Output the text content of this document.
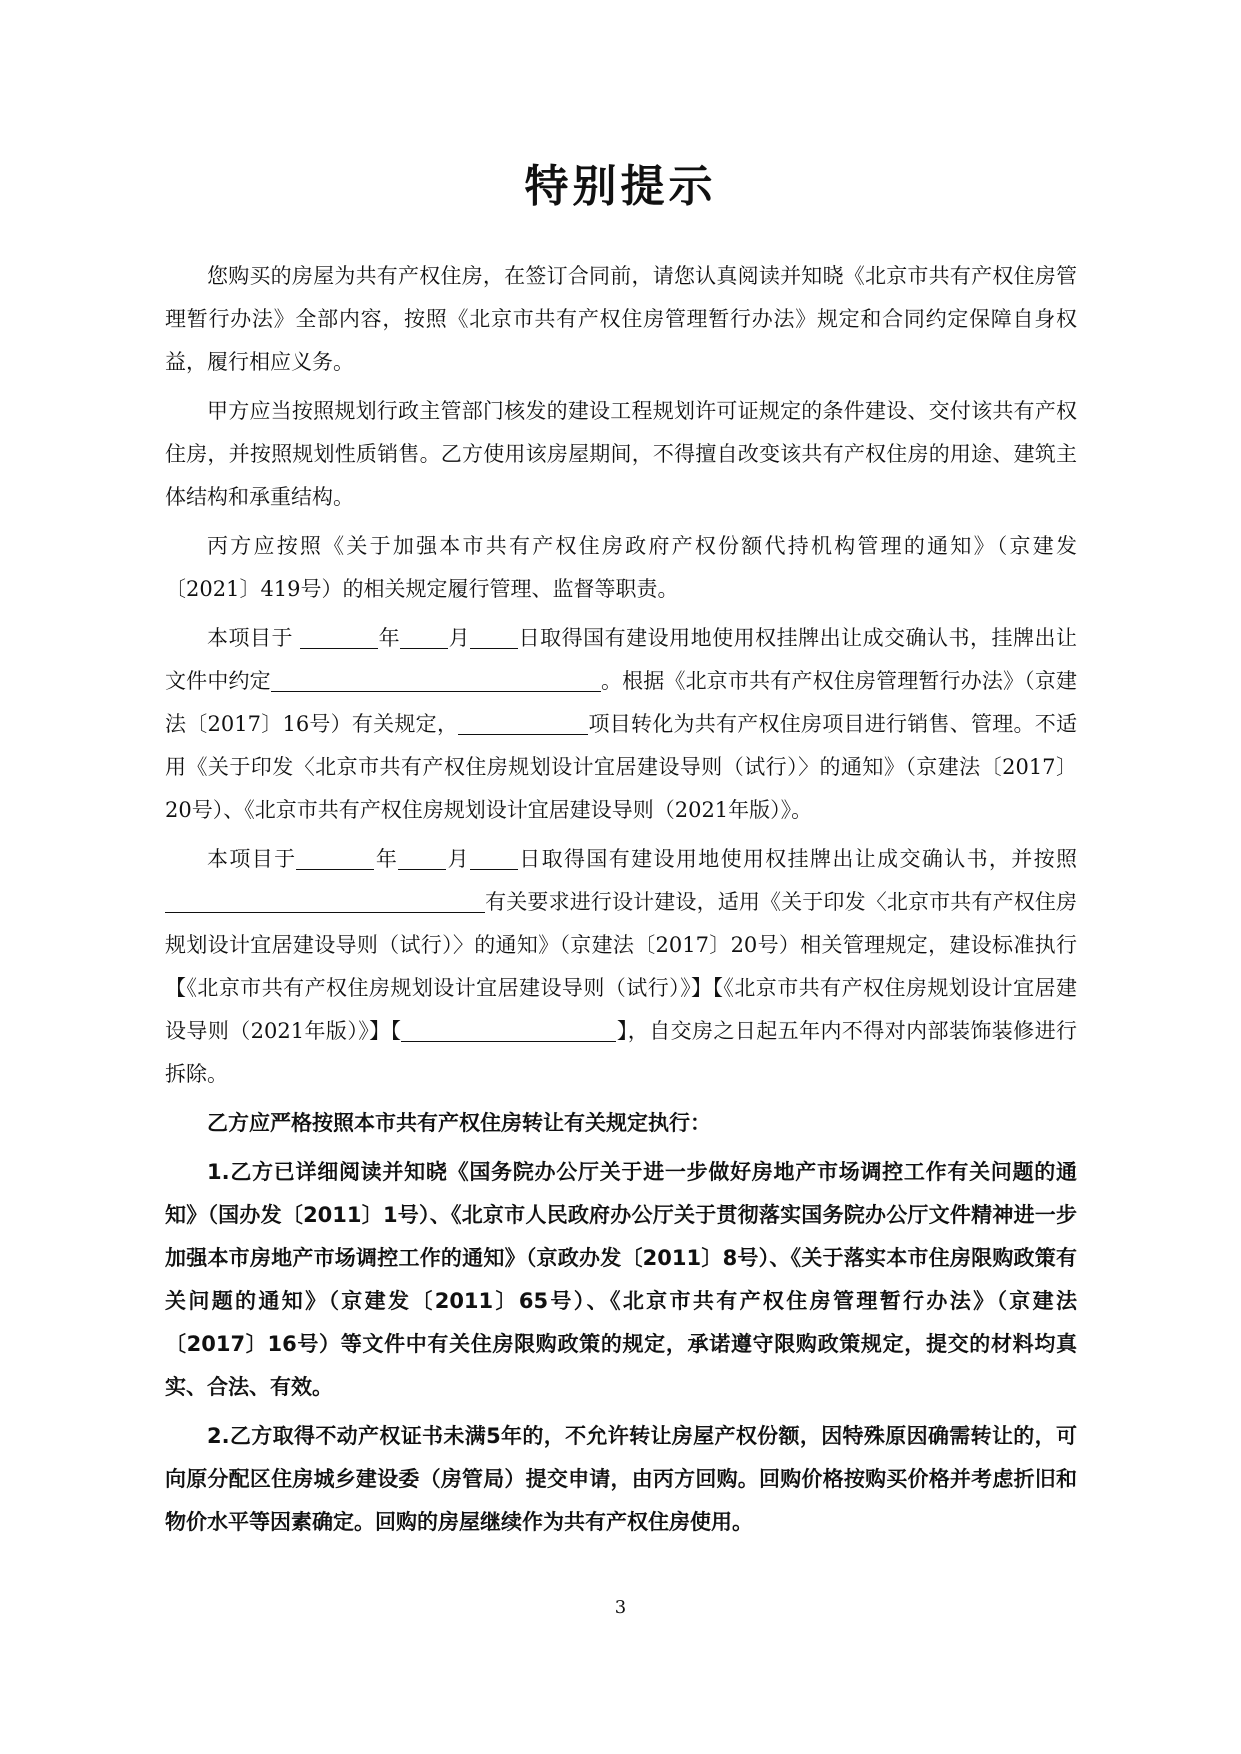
特别提示

您购买的房屋为共有产权住房，在签订合同前，请您认真阅读并知晓《北京市共有产权住房管理暂行办法》全部内容，按照《北京市共有产权住房管理暂行办法》规定和合同约定保障自身权益，履行相应义务。

甲方应当按照规划行政主管部门核发的建设工程规划许可证规定的条件建设、交付该共有产权住房，并按照规划性质销售。乙方使用该房屋期间，不得擅自改变该共有产权住房的用途、建筑主体结构和承重结构。

丙方应按照《关于加强本市共有产权住房政府产权份额代持机构管理的通知》（京建发〔2021〕419号）的相关规定履行管理、监督等职责。

本项目于	年 月 日取得国有建设用地使用权挂牌出让成交确认书，挂牌出让文件中约定	。根据《北京市共有产权住房管理暂行办法》（京建法〔2017〕16号）有关规定，	项目转化为共有产权住房项目进行销售、管理。不适用《关于印发〈北京市共有产权住房规划设计宜居建设导则（试行）〉的通知》（京建法〔2017〕20号）、《北京市共有产权住房规划设计宜居建设导则（2021年版）》。

本项目于	年 月 日取得国有建设用地使用权挂牌出让成交确认书，并按照有关要求进行设计建设，适用《关于印发〈北京市共有产权住房规划设计宜居建设导则（试行）〉的通知》（京建法〔2017〕20号）相关管理规定，建设标准执行【《北京市共有产权住房规划设计宜居建设导则（试行）》】【《北京市共有产权住房规划设计宜居建设导则（2021年版）》】【	】，自交房之日起五年内不得对内部装饰装修进行拆除。

乙方应严格按照本市共有产权住房转让有关规定执行：

1.乙方已详细阅读并知晓《国务院办公厅关于进一步做好房地产市场调控工作有关问题的通知》（国办发〔2011〕1号）、《北京市人民政府办公厅关于贯彻落实国务院办公厅文件精神进一步加强本市房地产市场调控工作的通知》（京政办发〔2011〕8号）、《关于落实本市住房限购政策有关问题的通知》（京建发〔2011〕65号）、《北京市共有产权住房管理暂行办法》（京建法〔2017〕16号）等文件中有关住房限购政策的规定，承诺遵守限购政策规定，提交的材料均真实、合法、有效。

2.乙方取得不动产权证书未满5年的，不允许转让房屋产权份额，因特殊原因确需转让的，可向原分配区住房城乡建设委（房管局）提交申请，由丙方回购。回购价格按购买价格并考虑折旧和物价水平等因素确定。回购的房屋继续作为共有产权住房使用。

3
